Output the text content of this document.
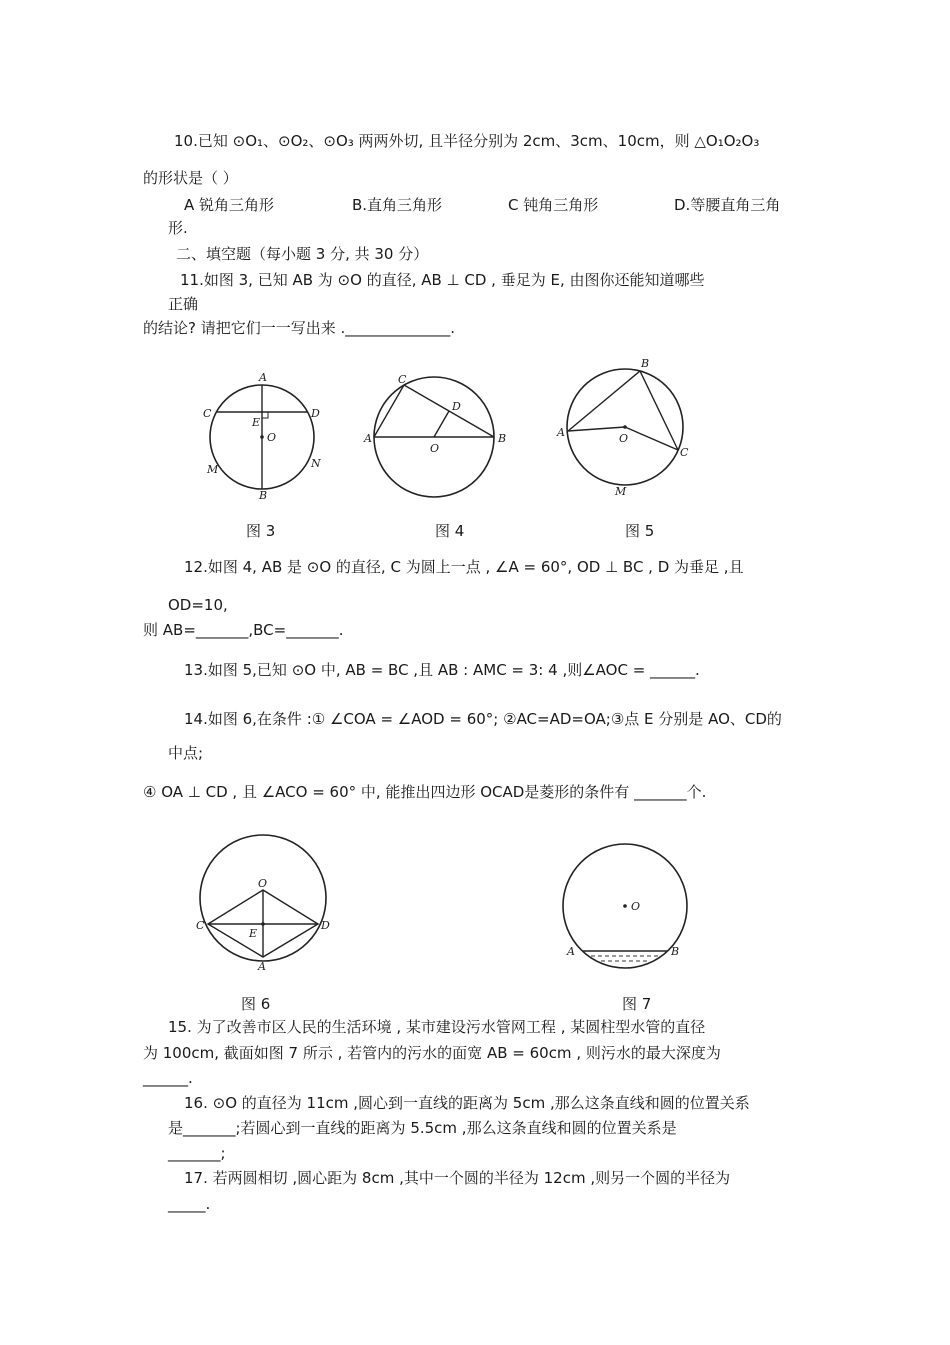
10.已知 ⊙O₁、⊙O₂、⊙O₃ 两两外切, 且半径分别为 2cm、3cm、10cm，则 △O₁O₂O₃
的形状是（ ）
A 锐角三角形	B.直角三角形	C 钝角三角形	D.等腰直角三角
形.
二、填空题（每小题 3 分, 共 30 分）
11.如图 3, 已知 AB 为 ⊙O 的直径, AB ⊥ CD , 垂足为 E, 由图你还能知道哪些
正确
的结论? 请把它们一一写出来 .______________.
A
B
C	D
E
O
M	N
图 3
A	B
C
D
O
图 4
A
B
C
O
M
图 5
12.如图 4, AB 是 ⊙O 的直径, C 为圆上一点 , ∠A = 60°, OD ⊥ BC , D 为垂足 ,且
OD=10,
则 AB=_______,BC=_______.
13.如图 5,已知 ⊙O 中, AB = BC ,且 AB : AMC = 3: 4 ,则∠AOC = ______.
14.如图 6,在条件 :① ∠COA = ∠AOD = 60°; ②AC=AD=OA;③点 E 分别是 AO、CD的
中点;
④ OA ⊥ CD , 且 ∠ACO = 60° 中, 能推出四边形 OCAD是菱形的条件有 _______个.
O
C	D
E
A
图 6
O
A	B
图 7
15. 为了改善市区人民的生活环境 , 某市建设污水管网工程 , 某圆柱型水管的直径
为 100cm, 截面如图 7 所示 , 若管内的污水的面宽 AB = 60cm , 则污水的最大深度为
______.
16. ⊙O 的直径为 11cm ,圆心到一直线的距离为 5cm ,那么这条直线和圆的位置关系
是_______;若圆心到一直线的距离为 5.5cm ,那么这条直线和圆的位置关系是
_______;
17. 若两圆相切 ,圆心距为 8cm ,其中一个圆的半径为 12cm ,则另一个圆的半径为
_____.
